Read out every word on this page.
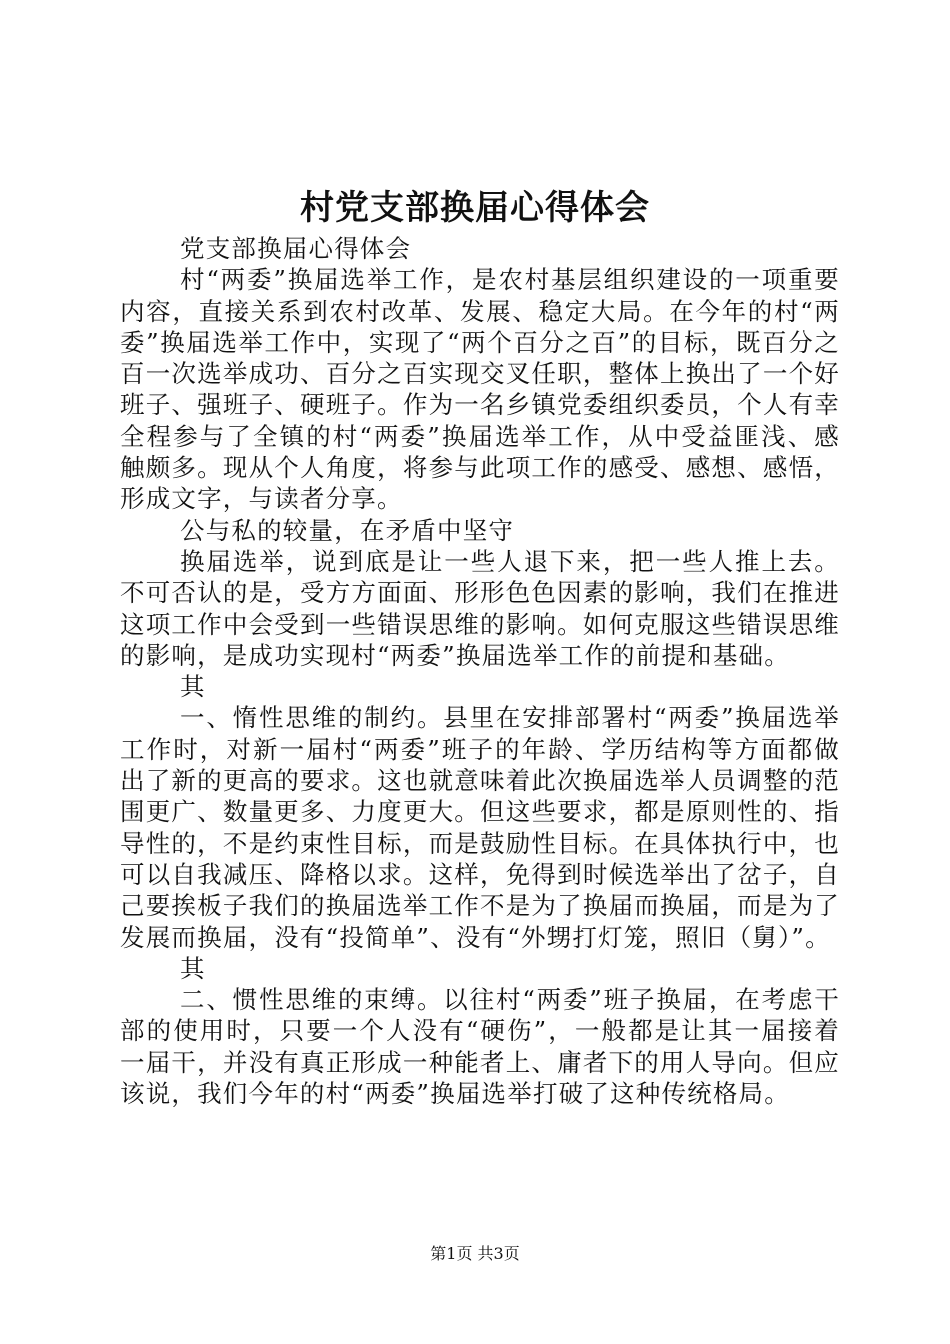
村党支部换届心得体会

党支部换届心得体会

村“两委”换届选举工作，是农村基层组织建设的一项重要内容，直接关系到农村改革、发展、稳定大局。在今年的村“两委”换届选举工作中，实现了“两个百分之百”的目标，既百分之百一次选举成功、百分之百实现交叉任职，整体上换出了一个好班子、强班子、硬班子。作为一名乡镇党委组织委员，个人有幸全程参与了全镇的村“两委”换届选举工作，从中受益匪浅、感触颇多。现从个人角度，将参与此项工作的感受、感想、感悟，形成文字，与读者分享。

公与私的较量，在矛盾中坚守

换届选举，说到底是让一些人退下来，把一些人推上去。不可否认的是，受方方面面、形形色色因素的影响，我们在推进这项工作中会受到一些错误思维的影响。如何克服这些错误思维的影响，是成功实现村“两委”换届选举工作的前提和基础。

其

一、惰性思维的制约。县里在安排部署村“两委”换届选举工作时，对新一届村“两委”班子的年龄、学历结构等方面都做出了新的更高的要求。这也就意味着此次换届选举人员调整的范围更广、数量更多、力度更大。但这些要求，都是原则性的、指导性的，不是约束性目标，而是鼓励性目标。在具体执行中，也可以自我减压、降格以求。这样，免得到时候选举出了岔子，自己要挨板子我们的换届选举工作不是为了换届而换届，而是为了发展而换届，没有“投简单”、没有“外甥打灯笼，照旧（舅）”。

其

二、惯性思维的束缚。以往村“两委”班子换届，在考虑干部的使用时，只要一个人没有“硬伤”，一般都是让其一届接着一届干，并没有真正形成一种能者上、庸者下的用人导向。但应该说，我们今年的村“两委”换届选举打破了这种传统格局。

第1页 共3页
